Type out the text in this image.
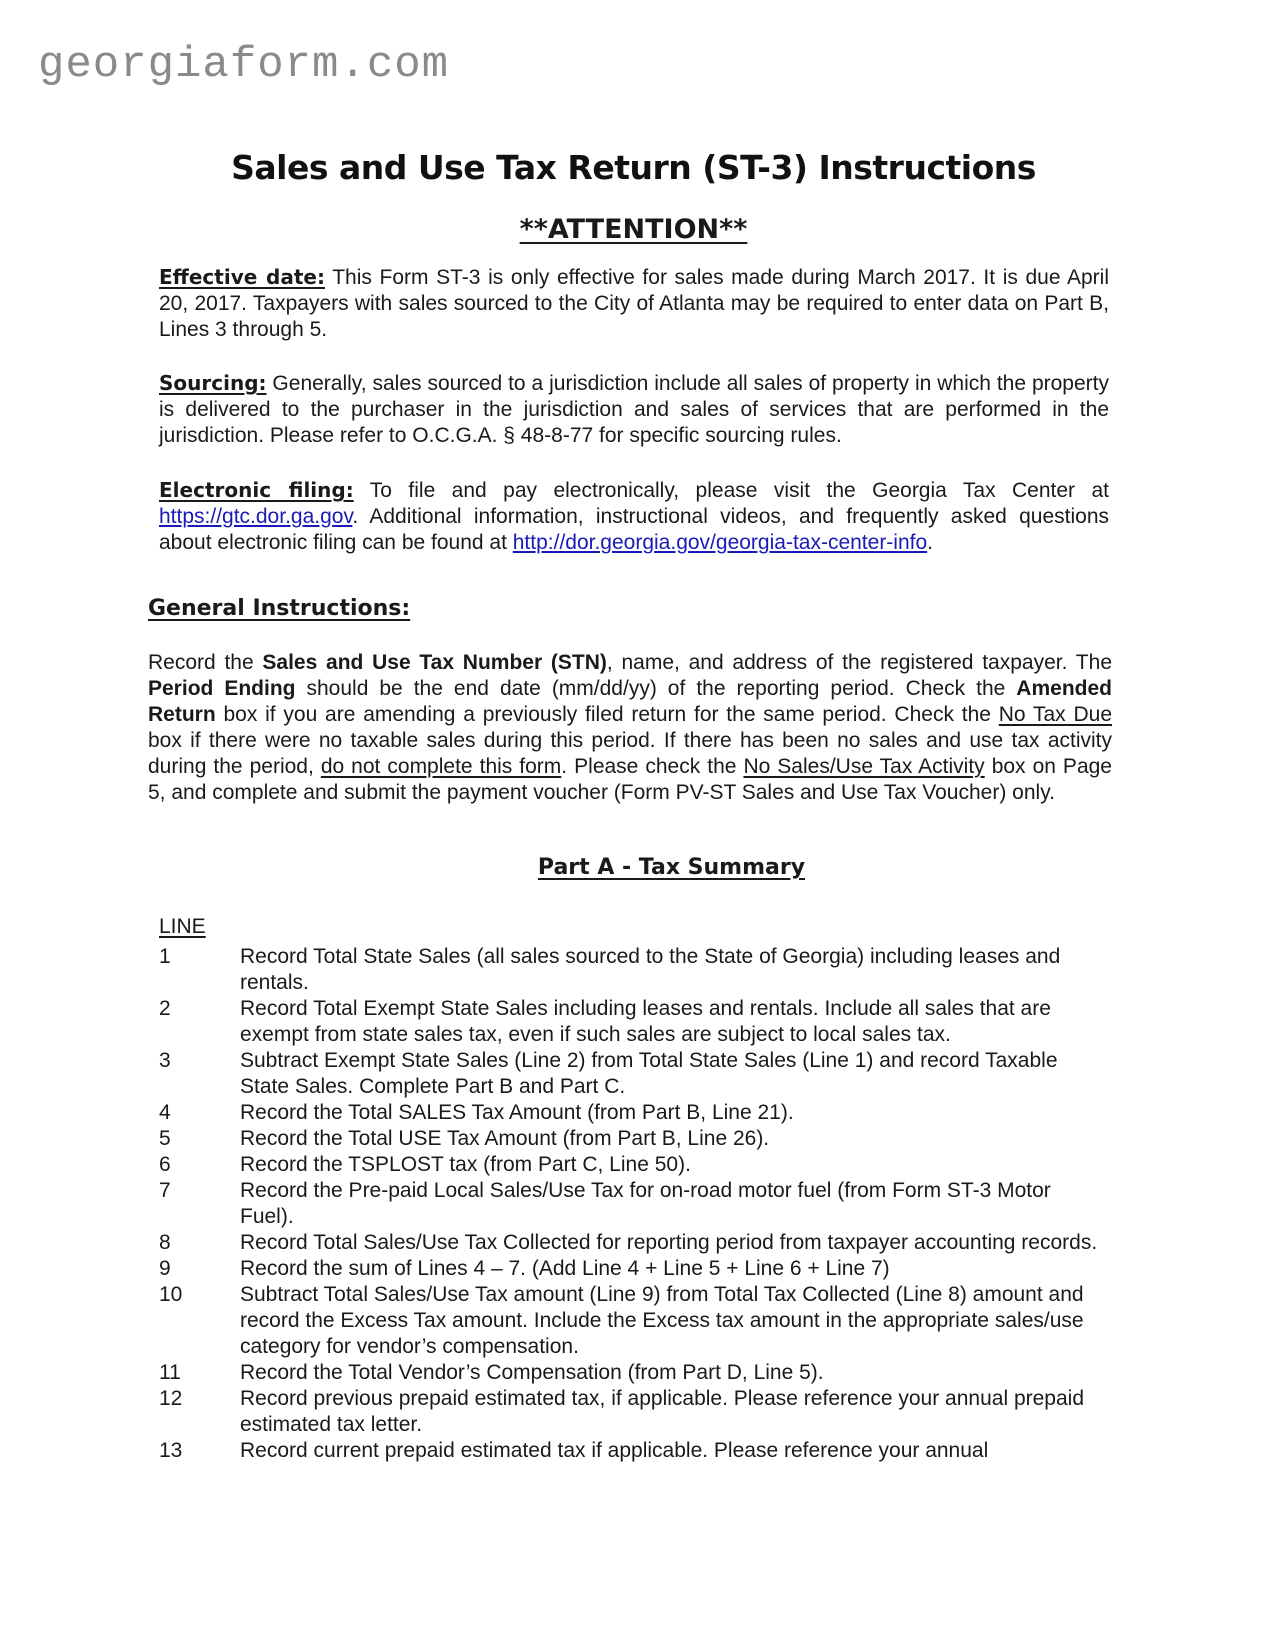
georgiaform.com
Sales and Use Tax Return (ST-3) Instructions
**ATTENTION**
Effective date: This Form ST-3 is only effective for sales made during March 2017. It is due April 20, 2017. Taxpayers with sales sourced to the City of Atlanta may be required to enter data on Part B, Lines 3 through 5.
Sourcing: Generally, sales sourced to a jurisdiction include all sales of property in which the property is delivered to the purchaser in the jurisdiction and sales of services that are performed in the jurisdiction. Please refer to O.C.G.A. § 48-8-77 for specific sourcing rules.
Electronic filing: To file and pay electronically, please visit the Georgia Tax Center at https://gtc.dor.ga.gov. Additional information, instructional videos, and frequently asked questions about electronic filing can be found at http://dor.georgia.gov/georgia-tax-center-info.
General Instructions:
Record the Sales and Use Tax Number (STN), name, and address of the registered taxpayer. The Period Ending should be the end date (mm/dd/yy) of the reporting period. Check the Amended Return box if you are amending a previously filed return for the same period. Check the No Tax Due box if there were no taxable sales during this period. If there has been no sales and use tax activity during the period, do not complete this form. Please check the No Sales/Use Tax Activity box on Page 5, and complete and submit the payment voucher (Form PV-ST Sales and Use Tax Voucher) only.
Part A - Tax Summary
LINE
1	Record Total State Sales (all sales sourced to the State of Georgia) including leases and rentals.
2	Record Total Exempt State Sales including leases and rentals. Include all sales that are exempt from state sales tax, even if such sales are subject to local sales tax.
3	Subtract Exempt State Sales (Line 2) from Total State Sales (Line 1) and record Taxable State Sales. Complete Part B and Part C.
4	Record the Total SALES Tax Amount (from Part B, Line 21).
5	Record the Total USE Tax Amount (from Part B, Line 26).
6	Record the TSPLOST tax (from Part C, Line 50).
7	Record the Pre-paid Local Sales/Use Tax for on-road motor fuel (from Form ST-3 Motor Fuel).
8	Record Total Sales/Use Tax Collected for reporting period from taxpayer accounting records.
9	Record the sum of Lines 4 – 7. (Add Line 4 + Line 5 + Line 6 + Line 7)
10	Subtract Total Sales/Use Tax amount (Line 9) from Total Tax Collected (Line 8) amount and record the Excess Tax amount. Include the Excess tax amount in the appropriate sales/use category for vendor’s compensation.
11	Record the Total Vendor’s Compensation (from Part D, Line 5).
12	Record previous prepaid estimated tax, if applicable. Please reference your annual prepaid estimated tax letter.
13	Record current prepaid estimated tax if applicable. Please reference your annual
